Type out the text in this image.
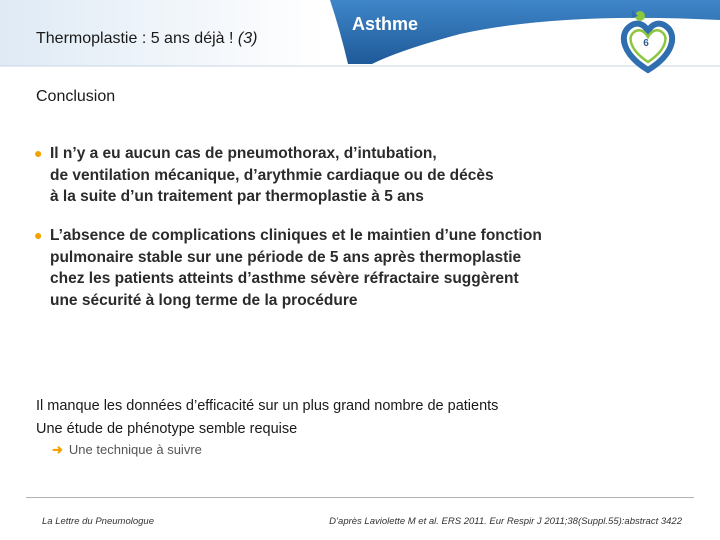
Thermoplastie : 5 ans déjà ! (3)
Asthme
6
Conclusion
● Il n’y a eu aucun cas de pneumothorax, d’intubation,
de ventilation mécanique, d’arythmie cardiaque ou de décès
à la suite d’un traitement par thermoplastie à 5 ans
● L’absence de complications cliniques et le maintien d’une fonction
pulmonaire stable sur une période de 5 ans après thermoplastie
chez les patients atteints d’asthme sévère réfractaire suggèrent
une sécurité à long terme de la procédure
Il manque les données d’efficacité sur un plus grand nombre de patients
Une étude de phénotype semble requise
➜ Une technique à suivre
La Lettre du Pneumologue	D’après Laviolette M et al. ERS 2011. Eur Respir J 2011;38(Suppl.55):abstract 3422
